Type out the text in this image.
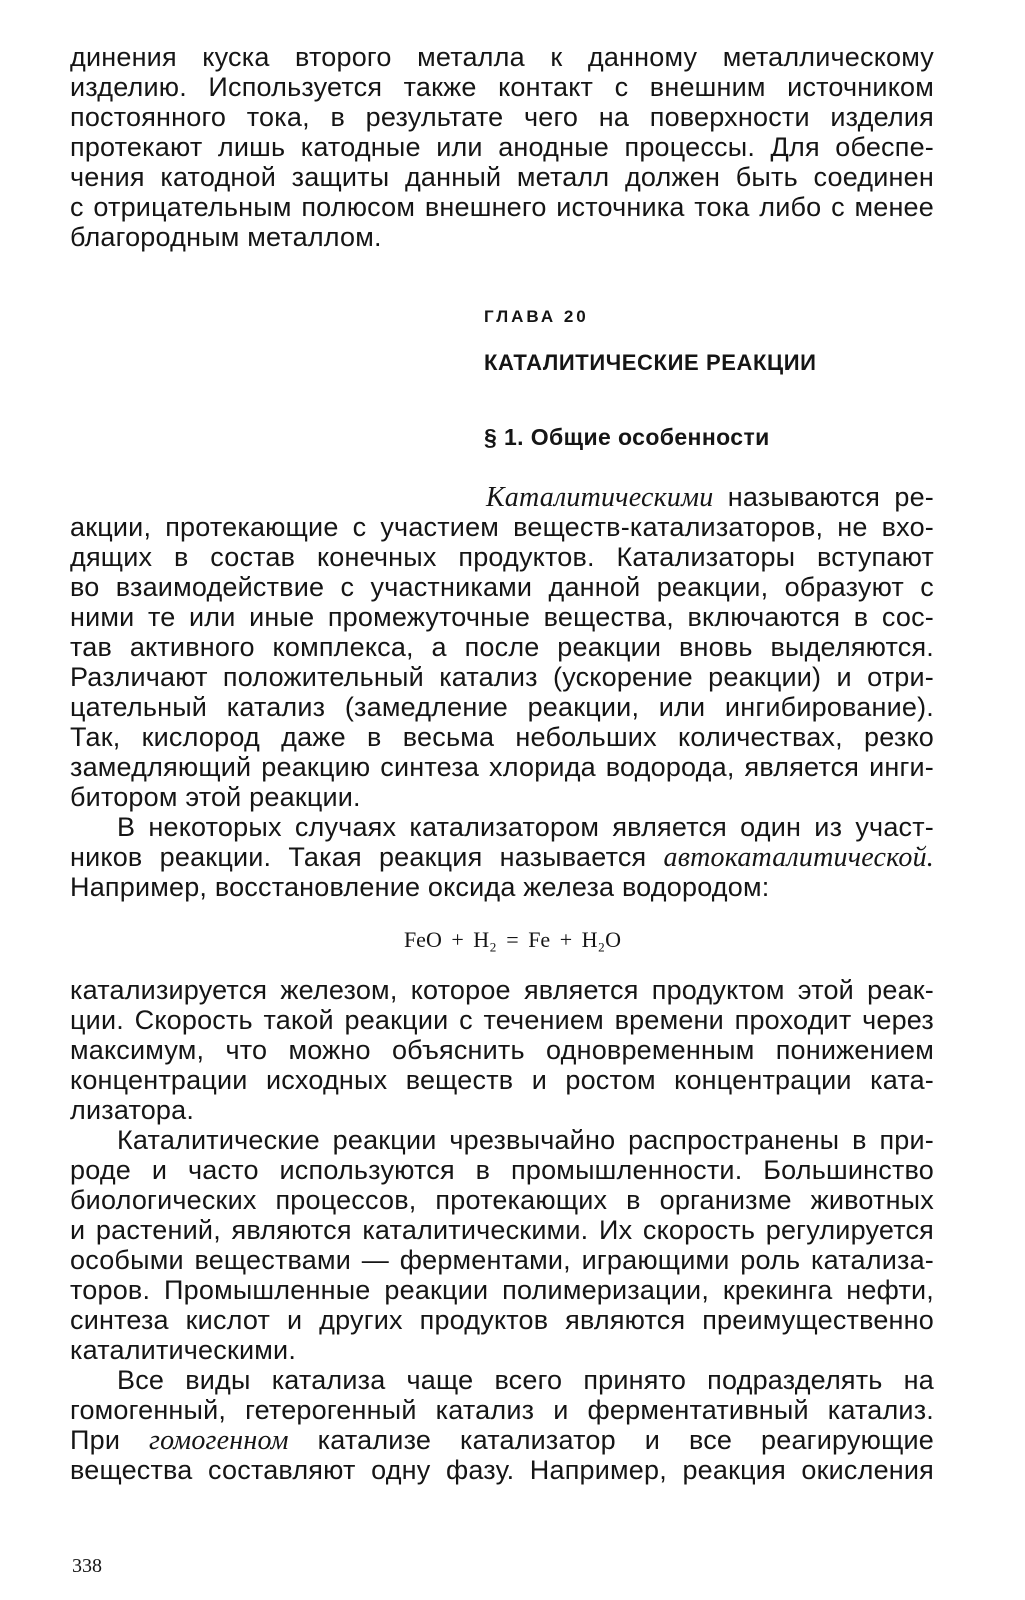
динения куска второго металла к данному металлическому
изделию. Используется также контакт с внешним источником
постоянного тока, в результате чего на поверхности изделия
протекают лишь катодные или анодные процессы. Для обеспе-
чения катодной защиты данный металл должен быть соединен
с отрицательным полюсом внешнего источника тока либо с менее
благородным металлом.
ГЛАВА 20
КАТАЛИТИЧЕСКИЕ РЕАКЦИИ
§ 1. Общие особенности
Каталитическими называются ре-
акции, протекающие с участием веществ-катализаторов, не вхо-
дящих в состав конечных продуктов. Катализаторы вступают
во взаимодействие с участниками данной реакции, образуют с
ними те или иные промежуточные вещества, включаются в сос-
тав активного комплекса, а после реакции вновь выделяются.
Различают положительный катализ (ускорение реакции) и отри-
цательный катализ (замедление реакции, или ингибирование).
Так, кислород даже в весьма небольших количествах, резко
замедляющий реакцию синтеза хлорида водорода, является инги-
битором этой реакции.
В некоторых случаях катализатором является один из участ-
ников реакции. Такая реакция называется автокаталитической.
Например, восстановление оксида железа водородом:
FeO + H₂ = Fe + H₂O
катализируется железом, которое является продуктом этой реак-
ции. Скорость такой реакции с течением времени проходит через
максимум, что можно объяснить одновременным понижением
концентрации исходных веществ и ростом концентрации ката-
лизатора.
Каталитические реакции чрезвычайно распространены в при-
роде и часто используются в промышленности. Большинство
биологических процессов, протекающих в организме животных
и растений, являются каталитическими. Их скорость регулируется
особыми веществами — ферментами, играющими роль катализа-
торов. Промышленные реакции полимеризации, крекинга нефти,
синтеза кислот и других продуктов являются преимущественно
каталитическими.
Все виды катализа чаще всего принято подразделять на
гомогенный, гетерогенный катализ и ферментативный катализ.
При гомогенном катализе катализатор и все реагирующие
вещества составляют одну фазу. Например, реакция окисления
338
